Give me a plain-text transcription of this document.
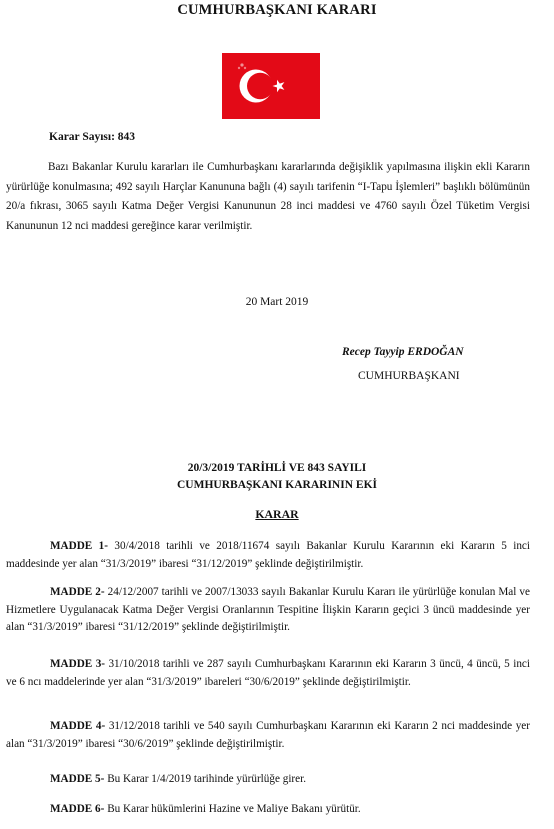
CUMHURBAŞKANI KARARI
Karar Sayısı: 843
Bazı Bakanlar Kurulu kararları ile Cumhurbaşkanı kararlarında değişiklik yapılmasına ilişkin ekli Kararın yürürlüğe konulmasına; 492 sayılı Harçlar Kanununa bağlı (4) sayılı tarifenin “I-Tapu İşlemleri” başlıklı bölümünün 20/a fıkrası, 3065 sayılı Katma Değer Vergisi Kanununun 28 inci maddesi ve 4760 sayılı Özel Tüketim Vergisi Kanununun 12 nci maddesi gereğince karar verilmiştir.
20 Mart 2019
Recep Tayyip ERDOĞAN
CUMHURBAŞKANI
20/3/2019 TARİHLİ VE 843 SAYILI
CUMHURBAŞKANI KARARININ EKİ
KARAR
MADDE 1- 30/4/2018 tarihli ve 2018/11674 sayılı Bakanlar Kurulu Kararının eki Kararın 5 inci maddesinde yer alan “31/3/2019” ibaresi “31/12/2019” şeklinde değiştirilmiştir.
MADDE 2- 24/12/2007 tarihli ve 2007/13033 sayılı Bakanlar Kurulu Kararı ile yürürlüğe konulan Mal ve Hizmetlere Uygulanacak Katma Değer Vergisi Oranlarının Tespitine İlişkin Kararın geçici 3 üncü maddesinde yer alan “31/3/2019” ibaresi “31/12/2019” şeklinde değiştirilmiştir.
MADDE 3- 31/10/2018 tarihli ve 287 sayılı Cumhurbaşkanı Kararının eki Kararın 3 üncü, 4 üncü, 5 inci ve 6 ncı maddelerinde yer alan “31/3/2019” ibareleri “30/6/2019” şeklinde değiştirilmiştir.
MADDE 4- 31/12/2018 tarihli ve 540 sayılı Cumhurbaşkanı Kararının eki Kararın 2 nci maddesinde yer alan “31/3/2019” ibaresi “30/6/2019” şeklinde değiştirilmiştir.
MADDE 5- Bu Karar 1/4/2019 tarihinde yürürlüğe girer.
MADDE 6- Bu Karar hükümlerini Hazine ve Maliye Bakanı yürütür.
